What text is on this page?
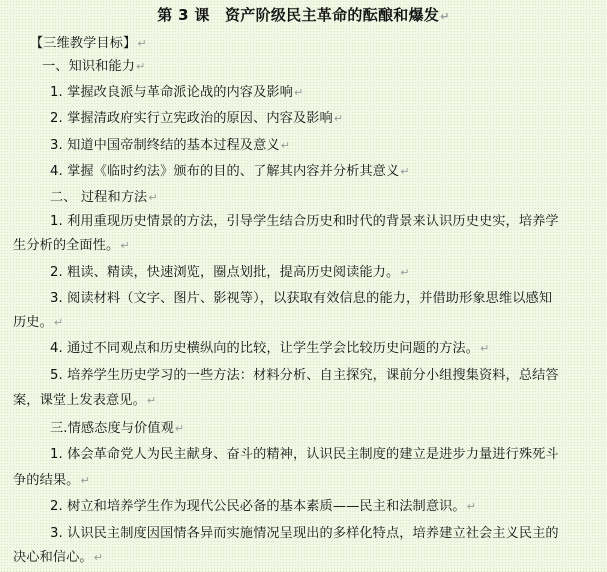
第 3 课　资产阶级民主革命的酝酿和爆发↵
【三维教学目标】↵
一、知识和能力↵
1. 掌握改良派与革命派论战的内容及影响↵
2. 掌握清政府实行立宪政治的原因、内容及影响↵
3. 知道中国帝制终结的基本过程及意义↵
4. 掌握《临时约法》颁布的目的、了解其内容并分析其意义↵
二、 过程和方法↵
1. 利用重现历史情景的方法，引导学生结合历史和时代的背景来认识历史史实，培养学
生分析的全面性。↵
2. 粗读、精读，快速浏览，圈点划批，提高历史阅读能力。↵
3. 阅读材料（文字、图片、影视等），以获取有效信息的能力，并借助形象思维以感知
历史。↵
4. 通过不同观点和历史横纵向的比较，让学生学会比较历史问题的方法。↵
5. 培养学生历史学习的一些方法：材料分析、自主探究，课前分小组搜集资料，总结答
案，课堂上发表意见。↵
三.情感态度与价值观↵
1. 体会革命党人为民主献身、奋斗的精神，认识民主制度的建立是进步力量进行殊死斗
争的结果。↵
2. 树立和培养学生作为现代公民必备的基本素质——民主和法制意识。↵
3. 认识民主制度因国情各异而实施情况呈现出的多样化特点，培养建立社会主义民主的
决心和信心。↵
